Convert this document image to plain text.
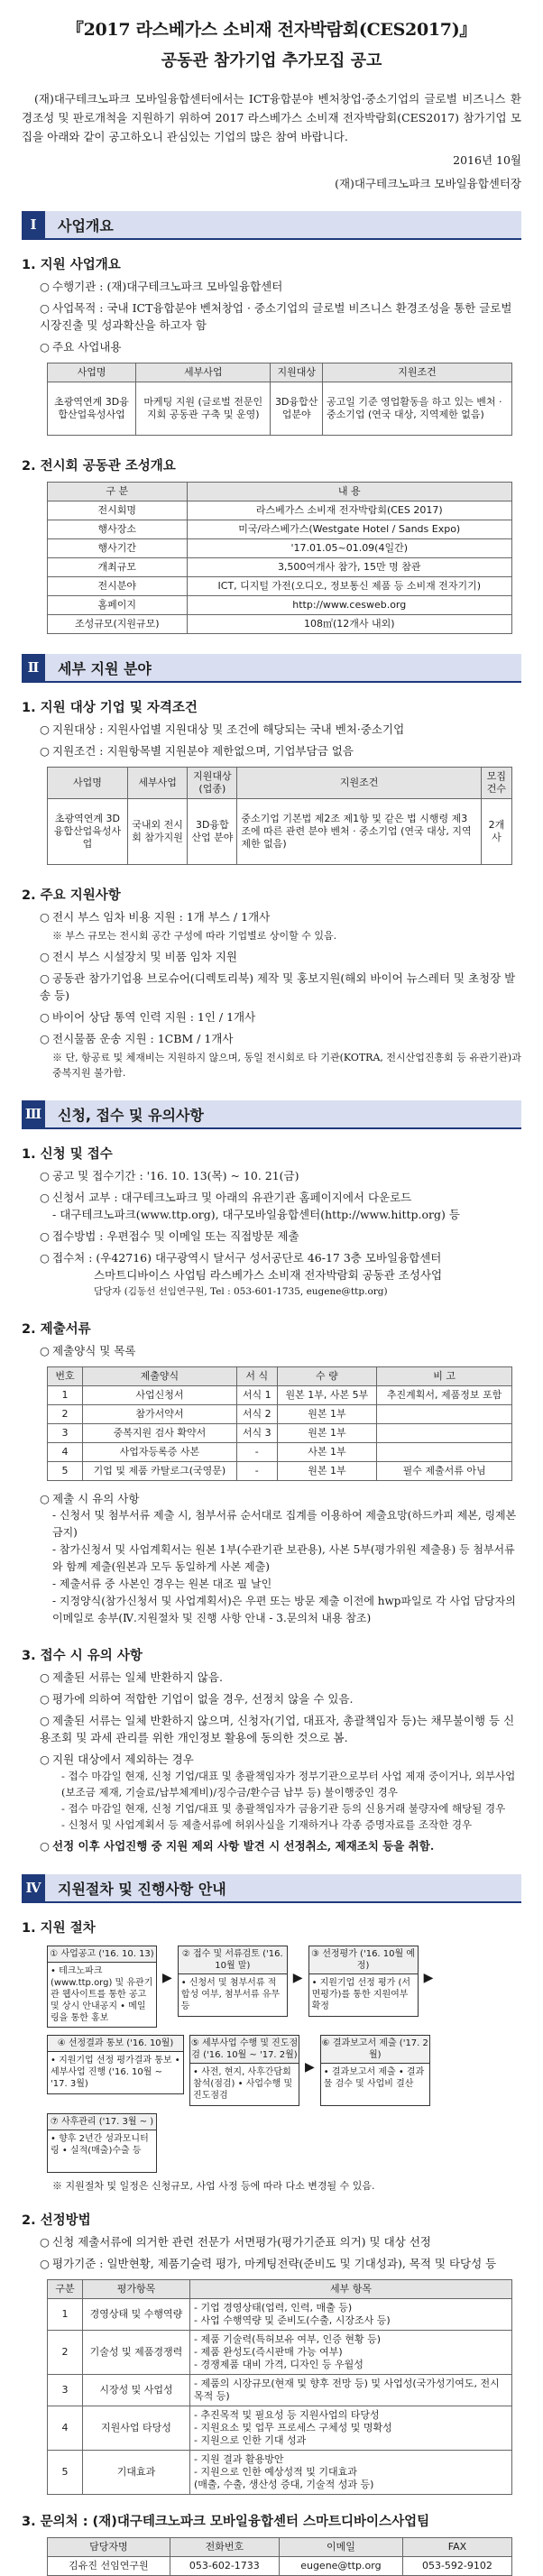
『2017 라스베가스 소비재 전자박람회(CES2017)』
공동관 참가기업 추가모집 공고
(재)대구테크노파크 모바일융합센터에서는 ICT융합분야 벤처창업·중소기업의 글로벌 비즈니스 환경조성 및 판로개척을 지원하기 위하여 2017 라스베가스 소비재 전자박람회(CES2017) 참가기업 모집을 아래와 같이 공고하오니 관심있는 기업의 많은 참여 바랍니다.
2016년 10월
(재)대구테크노파크 모바일융합센터장
Ⅰ	사업개요
1. 지원 사업개요
○ 수행기관 : (재)대구테크노파크 모바일융합센터
○ 사업목적 : 국내 ICT융합분야 벤처창업 · 중소기업의 글로벌 비즈니스 환경조성을 통한 글로벌 시장진출 및 성과확산을 하고자 함
○ 주요 사업내용
사업명	세부사업	지원대상	지원조건
초광역연계 3D융합산업육성사업	마케팅 지원 (글로벌 전문인지회 공동관 구축 및 운영)	3D융합산업분야	공고일 기준 영업활동을 하고 있는 벤처 · 중소기업 (연국 대상, 지역제한 없음)
2. 전시회 공동관 조성개요
구 분	내 용
전시회명	라스베가스 소비재 전자박람회(CES 2017)
행사장소	미국/라스베가스(Westgate Hotel / Sands Expo)
행사기간	'17.01.05~01.09(4일간)
개최규모	3,500여개사 참가, 15만 명 참관
전시분야	ICT, 디지털 가전(오디오, 정보통신 제품 등 소비재 전자기기)
홈페이지	http://www.cesweb.org
조성규모(지원규모)	108㎡(12개사 내외)
Ⅱ	세부 지원 분야
1. 지원 대상 기업 및 자격조건
○ 지원대상 : 지원사업별 지원대상 및 조건에 해당되는 국내 벤처·중소기업
○ 지원조건 : 지원항목별 지원분야 제한없으며, 기업부담금 없음
사업명	세부사업	지원대상(업종)	지원조건	모집건수
초광역연계 3D융합산업육성사업	국내외 전시회 참가지원	3D융합산업 분야	중소기업 기본법 제2조 제1항 및 같은 법 시행령 제3조에 따른 관련 분야 벤처 · 중소기업 (연국 대상, 지역제한 없음)	2개사
2. 주요 지원사항
○ 전시 부스 임차 비용 지원 : 1개 부스 / 1개사
※ 부스 규모는 전시회 공간 구성에 따라 기업별로 상이할 수 있음.
○ 전시 부스 시설장치 및 비품 임차 지원
○ 공동관 참가기업용 브로슈어(디렉토리북) 제작 및 홍보지원(해외 바이어 뉴스레터 및 초청장 발송 등)
○ 바이어 상담 통역 인력 지원 : 1인 / 1개사
○ 전시물품 운송 지원 : 1CBM / 1개사
※ 단, 항공료 및 체재비는 지원하지 않으며, 동일 전시회로 타 기관(KOTRA, 전시산업진흥회 등 유관기관)과 중복지원 불가함.
Ⅲ	신청, 접수 및 유의사항
1. 신청 및 접수
○ 공고 및 접수기간 : '16. 10. 13(목) ~ 10. 21(금)
○ 신청서 교부 : 대구테크노파크 및 아래의 유관기관 홈페이지에서 다운로드
- 대구테크노파크(www.ttp.org), 대구모바일융합센터(http://www.hittp.org) 등
○ 접수방법 : 우편접수 및 이메일 또는 직접방문 제출
○ 접수처 : (우42716) 대구광역시 달서구 성서공단로 46-17 3층 모바일융합센터
스마트디바이스 사업팀 라스베가스 소비재 전자박람회 공동관 조성사업
담당자 (김동선 선임연구원, Tel : 053-601-1735, eugene@ttp.org)
2. 제출서류
○ 제출양식 및 목록
번호	제출양식	서 식	수 량	비 고
1	사업신청서	서식 1	원본 1부, 사본 5부	추진계획서, 제품정보 포함
2	참가서약서	서식 2	원본 1부	
3	중복지원 검사 확약서	서식 3	원본 1부	
4	사업자등록증 사본	-	사본 1부	
5	기업 및 제품 카탈로그(국영문)	-	원본 1부	필수 제출서류 아님
○ 제출 시 유의 사항
- 신청서 및 첨부서류 제출 시, 첨부서류 순서대로 집계를 이용하여 제출요망(하드카피 제본, 링제본 금지)
- 참가신청서 및 사업계획서는 원본 1부(수관기관 보관용), 사본 5부(평가위원 제출용) 등 첨부서류와 함께 제출(원본과 모두 동일하게 사본 제출)
- 제출서류 중 사본인 경우는 원본 대조 필 날인
- 지정양식(참가신청서 및 사업계획서)은 우편 또는 방문 제출 이전에 hwp파일로 각 사업 담당자의 이메일로 송부(Ⅳ.지원절차 및 진행 사항 안내 - 3.문의처 내용 참조)
3. 접수 시 유의 사항
○ 제출된 서류는 일체 반환하지 않음.
○ 평가에 의하여 적합한 기업이 없을 경우, 선정치 않을 수 있음.
○ 제출된 서류는 일체 반환하지 않으며, 신청자(기업, 대표자, 총괄책임자 등)는 채무불이행 등 신용조회 및 과세 관리를 위한 개인정보 활용에 동의한 것으로 봄.
○ 지원 대상에서 제외하는 경우
- 접수 마감일 현재, 신청 기업/대표 및 총괄책임자가 정부기관으로부터 사업 제재 중이거나, 외부사업(보조금 제재, 기술료/납부체계비)/징수금/환수금 납부 등) 불이행중인 경우
- 접수 마감일 현재, 신청 기업/대표 및 총괄책임자가 금융기관 등의 신용거래 불량자에 해당될 경우
- 신청서 및 사업계획서 등 제출서류에 허위사실을 기재하거나 각종 증명자료를 조작한 경우
○ 선정 이후 사업진행 중 지원 제외 사항 발견 시 선정취소, 제재조치 등을 취함.
Ⅳ	지원절차 및 진행사항 안내
1. 지원 절차
① 사업공고 ('16. 10. 13)
• 테크노파크(www.ttp.org) 및 유관기관 웹사이트를 통한 공고 및 상시 안내공지 • 메일링을 통한 홍보
▶
② 접수 및 서류검토 ('16. 10월 말)
• 신청서 및 첨부서류 적합성 여부, 첨부서류 유무 등
▶
③ 선정평가 ('16. 10월 예정)
• 지원기업 선정 평가 (서면평가)를 통한 지원여부 확정
▶
④ 선정결과 통보 ('16. 10월)
• 지원기업 선정 평가결과 통보 • 세부사업 진행 ('16. 10월 ~ '17. 3월)
⑤ 세부사업 수행 및 진도점검 ('16. 10월 ~ '17. 2월)
• 사전, 현지, 사후간담회 참석(점검) • 사업수행 및 진도점검
▶
⑥ 결과보고서 제출 ('17. 2월)
• 결과보고서 제출 • 결과물 검수 및 사업비 결산
⑦ 사후관리 ('17. 3월 ~ )
• 향후 2년간 성과모니터링 • 실적(매출)수출 등
※ 지원절차 및 일정은 신청규모, 사업 사정 등에 따라 다소 변경될 수 있음.
2. 선정방법
○ 신청 제출서류에 의거한 관련 전문가 서면평가(평가기준표 의거) 및 대상 선정
○ 평가기준 : 일반현황, 제품기술력 평가, 마케팅전략(준비도 및 기대성과), 목적 및 타당성 등
구분	평가항목	세부 항목
1	경영상태 및 수행역량	- 기업 경영상태(업력, 인력, 매출 등)
- 사업 수행역량 및 준비도(수출, 시장조사 등)
2	기술성 및 제품경쟁력	- 제품 기술력(특허보유 여부, 인증 현황 등)
- 제품 완성도(즉시판매 가능 여부)
- 경쟁제품 대비 가격, 디자인 등 우월성
3	시장성 및 사업성	- 제품의 시장규모(현재 및 향후 전망 등) 및 사업성(국가성기여도, 전시목적 등)
4	지원사업 타당성	- 추진목적 및 필요성 등 지원사업의 타당성
- 지원요소 및 업무 프로세스 구체성 및 명확성
- 지원으로 인한 기대 성과
5	기대효과	- 지원 결과 활용방안
- 지원으로 인한 예상성적 및 기대효과
(매출, 수출, 생산성 증대, 기술적 성과 등)
3. 문의처 : (재)대구테크노파크 모바일융합센터 스마트디바이스사업팀
담당자명	전화번호	이메일	FAX
김유진 선임연구원	053-602-1733	eugene@ttp.org	053-592-9102
